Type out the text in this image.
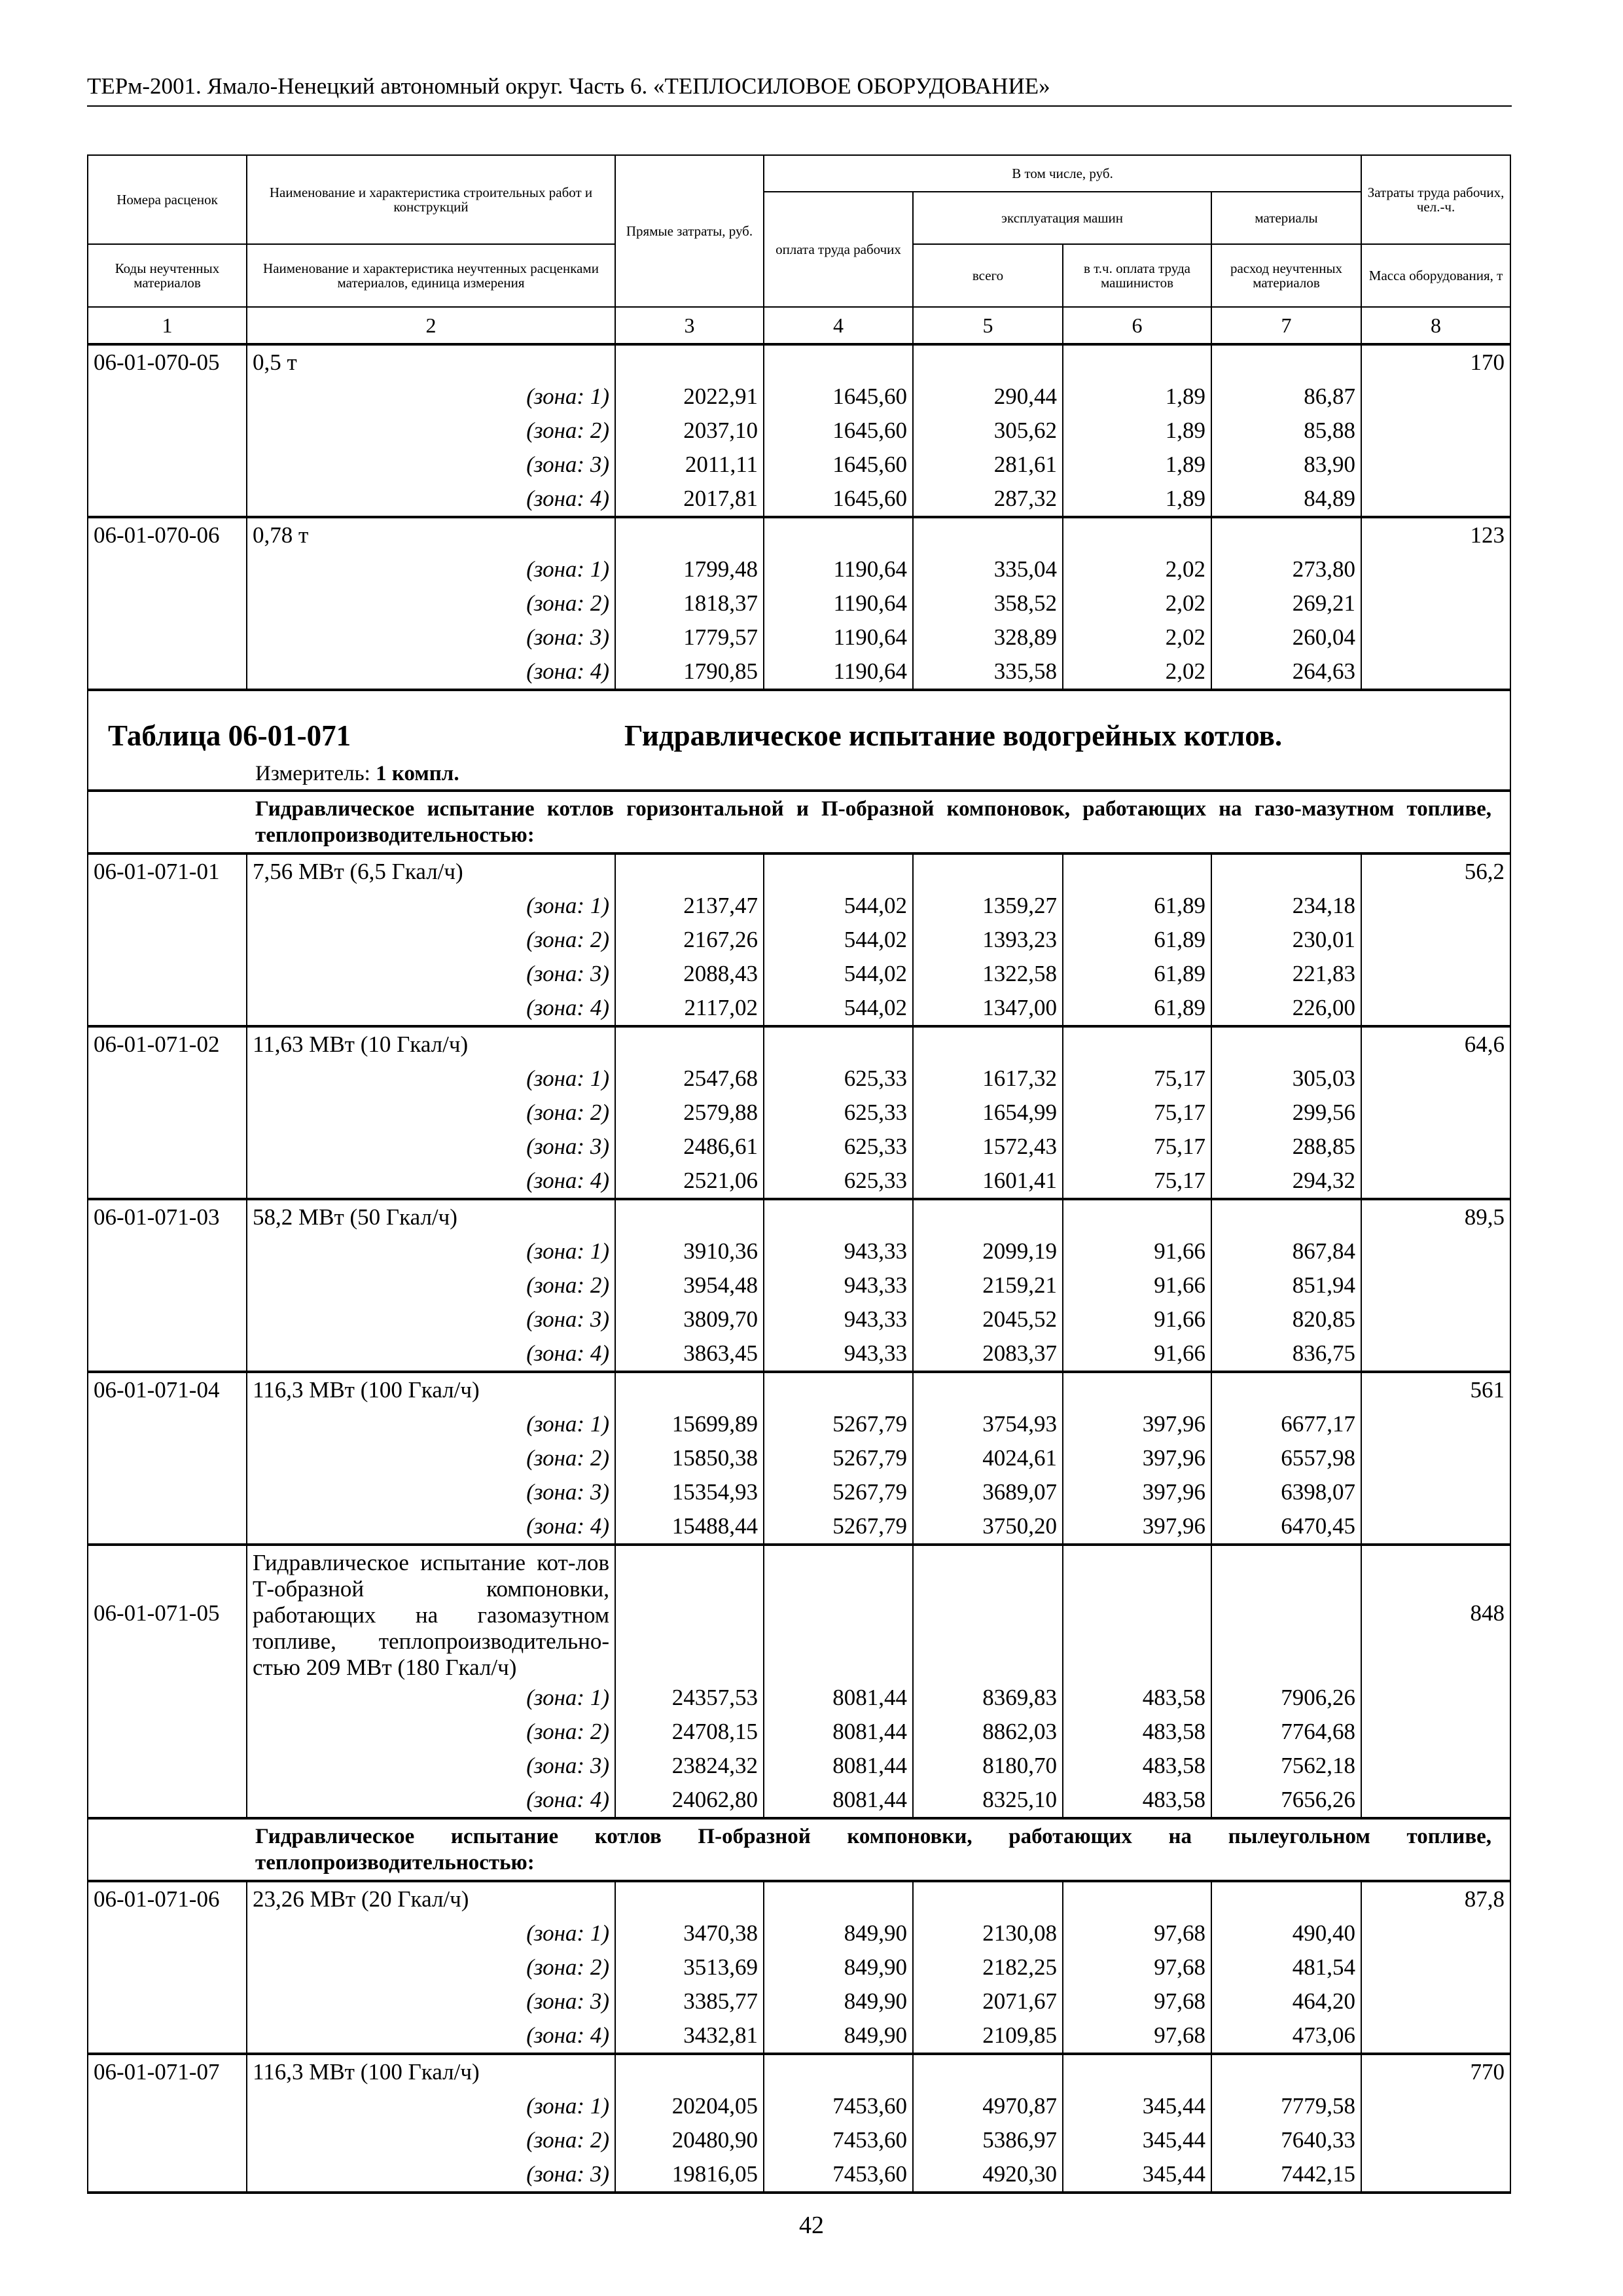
ТЕРм-2001. Ямало-Ненецкий автономный округ. Часть 6. «ТЕПЛОСИЛОВОЕ ОБОРУДОВАНИЕ»
Номера расценок	Наименование и характеристика строительных работ и конструкций	Прямые затраты, руб.	В том числе, руб.				Затраты труда рабочих, чел.-ч.
			оплата труда рабочих	эксплуатация машин		материалы	
Коды неучтенных материалов	Наименование и характеристика неучтенных расценками материалов, единица измерения			всего	в т.ч. оплата труда машинистов	расход неучтенных материалов	Масса оборудования, т
1	2	3	4	5	6	7	8
06-01-070-05	0,5 т						170
	(зона: 1)	2022,91	1645,60	290,44	1,89	86,87	
	(зона: 2)	2037,10	1645,60	305,62	1,89	85,88	
	(зона: 3)	2011,11	1645,60	281,61	1,89	83,90	
	(зона: 4)	2017,81	1645,60	287,32	1,89	84,89	
06-01-070-06	0,78 т						123
	(зона: 1)	1799,48	1190,64	335,04	2,02	273,80	
	(зона: 2)	1818,37	1190,64	358,52	2,02	269,21	
	(зона: 3)	1779,57	1190,64	328,89	2,02	260,04	
	(зона: 4)	1790,85	1190,64	335,58	2,02	264,63	

Таблица 06-01-071 Гидравлическое испытание водогрейных котлов.
Измеритель: 1 компл.							

Гидравлическое испытание котлов горизонтальной и П-образной компоновок, работающих на газо-мазутном топливе, теплопроизводительностью:							
06-01-071-01	7,56 МВт (6,5 Гкал/ч)						56,2
	(зона: 1)	2137,47	544,02	1359,27	61,89	234,18	
	(зона: 2)	2167,26	544,02	1393,23	61,89	230,01	
	(зона: 3)	2088,43	544,02	1322,58	61,89	221,83	
	(зона: 4)	2117,02	544,02	1347,00	61,89	226,00	
06-01-071-02	11,63 МВт (10 Гкал/ч)						64,6
	(зона: 1)	2547,68	625,33	1617,32	75,17	305,03	
	(зона: 2)	2579,88	625,33	1654,99	75,17	299,56	
	(зона: 3)	2486,61	625,33	1572,43	75,17	288,85	
	(зона: 4)	2521,06	625,33	1601,41	75,17	294,32	
06-01-071-03	58,2 МВт (50 Гкал/ч)						89,5
	(зона: 1)	3910,36	943,33	2099,19	91,66	867,84	
	(зона: 2)	3954,48	943,33	2159,21	91,66	851,94	
	(зона: 3)	3809,70	943,33	2045,52	91,66	820,85	
	(зона: 4)	3863,45	943,33	2083,37	91,66	836,75	
06-01-071-04	116,3 МВт (100 Гкал/ч)						561
	(зона: 1)	15699,89	5267,79	3754,93	397,96	6677,17	
	(зона: 2)	15850,38	5267,79	4024,61	397,96	6557,98	
	(зона: 3)	15354,93	5267,79	3689,07	397,96	6398,07	
	(зона: 4)	15488,44	5267,79	3750,20	397,96	6470,45	
06-01-071-05	Гидравлическое испытание кот-лов Т-образной компоновки, работающих на газомазутном топливе, теплопроизводительно-стью 209 МВт (180 Гкал/ч)						848
	(зона: 1)	24357,53	8081,44	8369,83	483,58	7906,26	
	(зона: 2)	24708,15	8081,44	8862,03	483,58	7764,68	
	(зона: 3)	23824,32	8081,44	8180,70	483,58	7562,18	
	(зона: 4)	24062,80	8081,44	8325,10	483,58	7656,26	
Гидравлическое испытание котлов П-образной компоновки, работающих на пылеугольном топливе, теплопроизводительностью:							
06-01-071-06	23,26 МВт (20 Гкал/ч)						87,8
	(зона: 1)	3470,38	849,90	2130,08	97,68	490,40	
	(зона: 2)	3513,69	849,90	2182,25	97,68	481,54	
	(зона: 3)	3385,77	849,90	2071,67	97,68	464,20	
	(зона: 4)	3432,81	849,90	2109,85	97,68	473,06	
06-01-071-07	116,3 МВт (100 Гкал/ч)						770
	(зона: 1)	20204,05	7453,60	4970,87	345,44	7779,58	
	(зона: 2)	20480,90	7453,60	5386,97	345,44	7640,33	
	(зона: 3)	19816,05	7453,60	4920,30	345,44	7442,15	
42
